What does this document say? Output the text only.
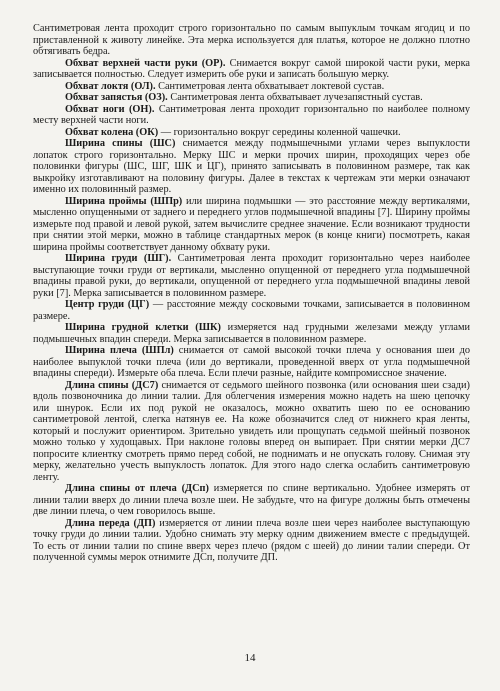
Сантиметровая лента проходит строго горизонтально по самым выпуклым точкам ягодиц и по приставленной к животу линейке. Эта мерка используется для платья, которое не должно плотно обтягивать бедра.

Обхват верхней части руки (ОР). Снимается вокруг самой широкой части руки, мерка записывается полностью. Следует измерить обе руки и записать большую мерку.

Обхват локтя (ОЛ). Сантиметровая лента обхватывает локтевой сустав.

Обхват запястья (ОЗ). Сантиметровая лента обхватывает лучезапястный сустав.

Обхват ноги (ОН). Сантиметровая лента проходит горизонтально по наиболее полному месту верхней части ноги.

Обхват колена (ОК) — горизонтально вокруг середины коленной чашечки.

Ширина спины (ШС) снимается между подмышечными углами через выпуклости лопаток строго горизонтально. Мерку ШС и мерки прочих ширин, проходящих через обе половинки фигуры (ШС, ШГ, ШК и ЦГ), принято записывать в половинном размере, так как выкройку изготавливают на половину фигуры. Далее в текстах к чертежам эти мерки означают именно их половинный размер.

Ширина проймы (ШПр) или ширина подмышки — это расстояние между вертикалями, мысленно опущенными от заднего и переднего углов подмышечной впадины [7]. Ширину проймы измерьте под правой и левой рукой, затем вычислите среднее значение. Если возникают трудности при снятии этой мерки, можно в таблице стандартных мерок (в конце книги) посмотреть, какая ширина проймы соответствует данному обхвату руки.

Ширина груди (ШГ). Сантиметровая лента проходит горизонтально через наиболее выступающие точки груди от вертикали, мысленно опущенной от переднего угла подмышечной впадины правой руки, до вертикали, опущенной от переднего угла подмышечной впадины левой руки [7]. Мерка записывается в половинном размере.

Центр груди (ЦГ) — расстояние между сосковыми точками, записывается в половинном размере.

Ширина грудной клетки (ШК) измеряется над грудными железами между углами подмышечных впадин спереди. Мерка записывается в половинном размере.

Ширина плеча (ШПл) снимается от самой высокой точки плеча у основания шеи до наиболее выпуклой точки плеча (или до вертикали, проведенной вверх от угла подмышечной впадины спереди). Измерьте оба плеча. Если плечи разные, найдите компромиссное значение.

Длина спины (ДС7) снимается от седьмого шейного позвонка (или основания шеи сзади) вдоль позвоночника до линии талии. Для облегчения измерения можно надеть на шею цепочку или шнурок. Если их под рукой не оказалось, можно охватить шею по ее основанию сантиметровой лентой, слегка натянув ее. На коже обозначится след от нижнего края ленты, который и послужит ориентиром. Зрительно увидеть или прощупать седьмой шейный позвонок можно только у худощавых. При наклоне головы вперед он выпирает. При снятии мерки ДС7 попросите клиентку смотреть прямо перед собой, не поднимать и не опускать голову. Снимая эту мерку, желательно учесть выпуклость лопаток. Для этого надо слегка ослабить сантиметровую ленту.

Длина спины от плеча (ДСп) измеряется по спине вертикально. Удобнее измерять от линии талии вверх до линии плеча возле шеи. Не забудьте, что на фигуре должны быть отмечены две линии плеча, о чем говорилось выше.

Длина переда (ДП) измеряется от линии плеча возле шеи через наиболее выступающую точку груди до линии талии. Удобно снимать эту мерку одним движением вместе с предыдущей. То есть от линии талии по спине вверх через плечо (рядом с шеей) до линии талии спереди. От полученной суммы мерок отнимите ДСп, получите ДП.

14
